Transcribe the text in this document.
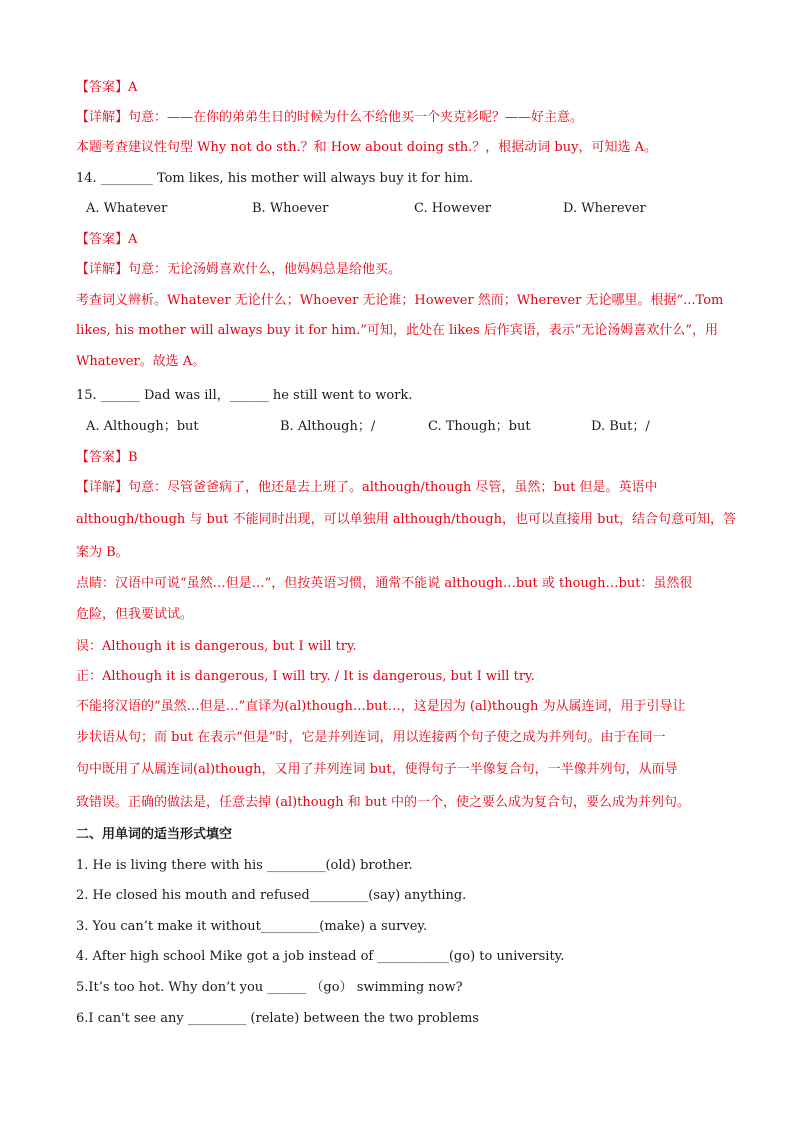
【答案】A
【详解】句意：——在你的弟弟生日的时候为什么不给他买一个夹克衫呢？——好主意。
本题考查建议性句型 Why not do sth.？和 How about doing sth.？，根据动词 buy，可知选 A。
14. ________ Tom likes, his mother will always buy it for him.
A. Whatever	B. Whoever	C. However	D. Wherever
【答案】A
【详解】句意：无论汤姆喜欢什么，他妈妈总是给他买。
考查词义辨析。Whatever 无论什么；Whoever 无论谁；However 然而；Wherever 无论哪里。根据“...Tom
likes, his mother will always buy it for him.”可知，此处在 likes 后作宾语，表示“无论汤姆喜欢什么”，用
Whatever。故选 A。
15. ______ Dad was ill，______ he still went to work.
A. Although；but	B. Although；/	C. Though；but	D. But；/
【答案】B
【详解】句意：尽管爸爸病了，他还是去上班了。although/though 尽管，虽然；but 但是。英语中
although/though 与 but 不能同时出现，可以单独用 although/though，也可以直接用 but，结合句意可知，答
案为 B。
点睛：汉语中可说“虽然…但是…”，但按英语习惯，通常不能说 although…but 或 though…but：虽然很
危险，但我要试试。
误：Although it is dangerous, but I will try.
正：Although it is dangerous, I will try. / It is dangerous, but I will try.
不能将汉语的“虽然…但是…”直译为(al)though…but…，这是因为 (al)though 为从属连词，用于引导让
步状语从句；而 but 在表示“但是”时，它是并列连词，用以连接两个句子使之成为并列句。由于在同一
句中既用了从属连词(al)though，又用了并列连词 but，使得句子一半像复合句，一半像并列句，从而导
致错误。正确的做法是，任意去掉 (al)though 和 but 中的一个，使之要么成为复合句，要么成为并列句。
二、用单词的适当形式填空
1. He is living there with his _________(old) brother.
2. He closed his mouth and refused_________(say) anything.
3. You can’t make it without_________(make) a survey.
4. After high school Mike got a job instead of ___________(go) to university.
5.It’s too hot. Why don’t you ______ （go） swimming now?
6.I can't see any _________ (relate) between the two problems
